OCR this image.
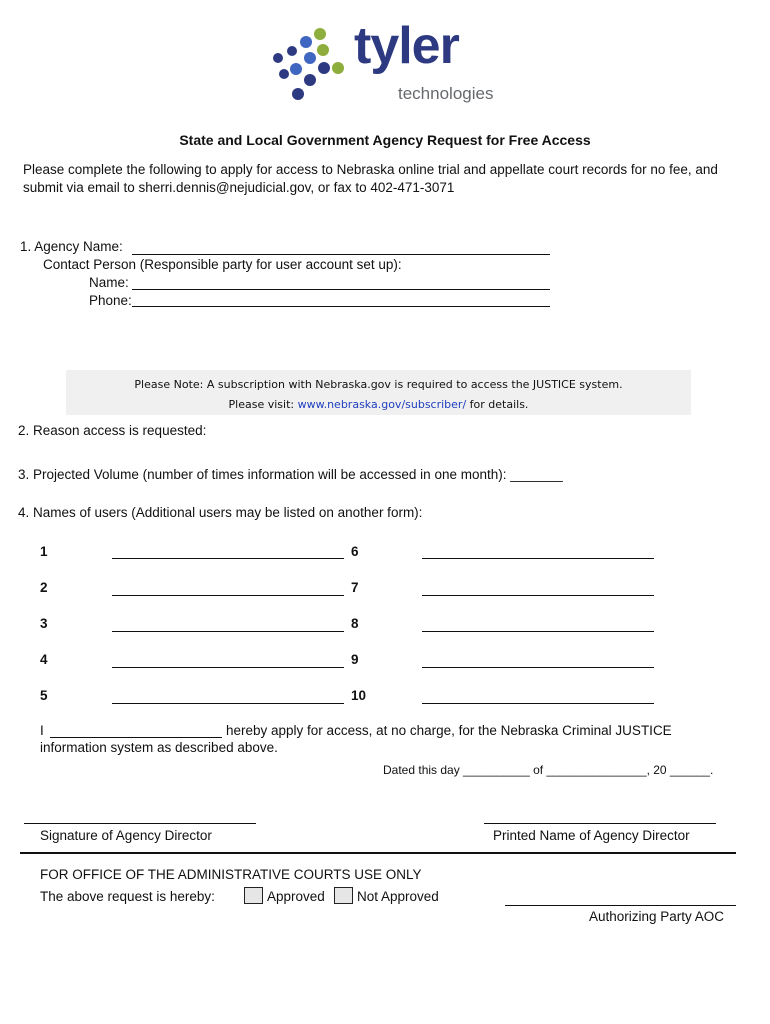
tyler
technologies
State and Local Government Agency Request for Free Access
Please complete the following to apply for access to Nebraska online trial and appellate court records for no fee, and
submit via email to sherri.dennis@nejudicial.gov, or fax to 402-471-3071
1. Agency Name:
Contact Person (Responsible party for user account set up):
Name:
Phone:
Please Note: A subscription with Nebraska.gov is required to access the JUSTICE system.
Please visit: www.nebraska.gov/subscriber/ for details.
2. Reason access is requested:
3. Projected Volume (number of times information will be accessed in one month): _______
4. Names of users (Additional users may be listed on another form):
1	6
2	7
3	8
4	9
5	10
I	hereby apply for access, at no charge, for the Nebraska Criminal JUSTICE
information system as described above.
Dated this day __________ of _______________, 20 ______.
Signature of Agency Director	Printed Name of Agency Director
FOR OFFICE OF THE ADMINISTRATIVE COURTS USE ONLY
The above request is hereby:	Approved Not Approved
Authorizing Party AOC
